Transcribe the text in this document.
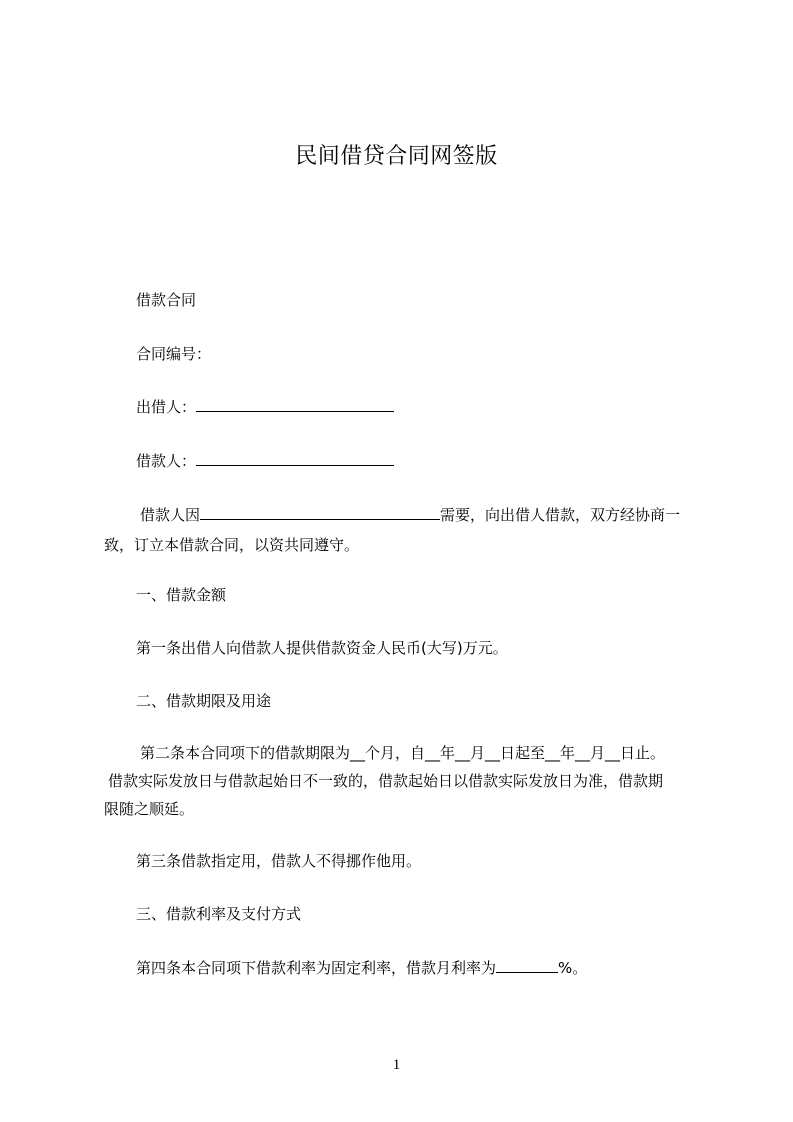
民间借贷合同网签版
借款合同
合同编号：
出借人：
借款人：
借款人因	需要，向出借人借款，双方经协商一
致，订立本借款合同，以资共同遵守。
一、借款金额
第一条出借人向借款人提供借款资金人民币(大写)万元。
二、借款期限及用途
第二条本合同项下的借款期限为__个月，自__年__月__日起至__年__月__日止。
借款实际发放日与借款起始日不一致的，借款起始日以借款实际发放日为准，借款期
限随之顺延。
第三条借款指定用，借款人不得挪作他用。
三、借款利率及支付方式
第四条本合同项下借款利率为固定利率，借款月利率为	%。
1
